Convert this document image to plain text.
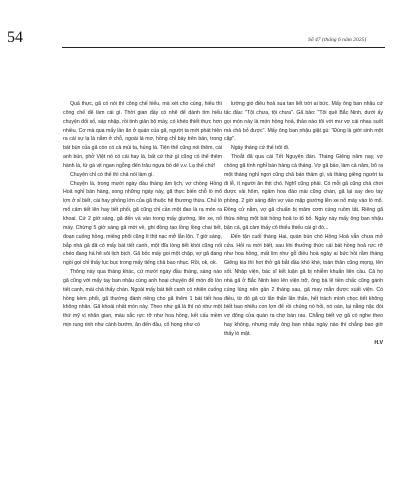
54	Số 47 (tháng 6 năm 2025)

Quả thực, gã có nói thì công chế hiểu, mà xét cho cùng, hiểu thì công chế để làm cái gì. Thời gian đầy có nhẽ để dành tìm hiểu chuyện đối số, sáp nhập, rồi tinh giản bộ máy, có khéo thiết thực hơn nhiều. Cơ mà qua mấy lần ăn ở quán của gã, người ta mới phát hiện ra cái sự lạ là nằm ở chỗ, ngoài lá mơ, hồng chỉ bày trên bàn, trong bát bún của gã còn có cả mùi ta, húng lá. Tiện thể cũng nói thêm, cái anh bún, phở Việt nó có cái hay là, bất cứ thứ gì cũng có thể thêm hành lá, từ gà vịt ngan ngỗng đến trâu ngựa bò dê v.v. Lạ thế chứ!

Chuyện chỉ có thế thì chả nói làm gì.

Chuyện là, trong mười ngày đầu tháng âm lịch, vợ chồng Hồng Hoả nghỉ bán hàng, song những ngày này, gã thực biến chỗ lò mổ lợn ở sỉ biết, cái hay phỏng lớn của gã thuộc hệ thương thừa. Chủ lò mổ cấm tiết lên hay tiết phối, gã cũng chỉ cần một đao là ra món ra khoai. Cứ 2 giờ sáng, gã đến và vào trong mấy giường, lên xe, nổ máy. Chừng 5 giờ sáng gã mới về, ghi đồng tạo lồng lồng chai tiết, đoạn cuống hồng, miếng phổi cũng ít thịt nạc mở lẫn lộn. 7 giờ sáng, bắp nhà gã đã có mấy bát tiết canh, một đĩa lòng tiết khói cũng nối chéo đang hà hê sôi lịch bịch. Gã bốc mấy goi một chập, vợ gã đang ngồi gọi chỉ thấy lục bục trong mấy tiếng chả bao nhục. Rồi, ok, ok.

Thông này qua tháng khác, cứ mười ngày đầu tháng, sáng nào gã cũng với mấy tay ban nhậu cùng anh hoại chuyện để món đồ lòn tiết canh, mài chả thấy chán. Ngoài mấy bát tiết canh có nhiên cuống hồng kèm phổi, gã thường đánh riêng cho gã thêm 1 bát tiết hoa không nhân. Gã khoái nhất món này. Theo như gã là thì nó như một thứ mỹ vị nhân gian, màu sắc rực rỡ như hoa hồng, kết cấu mềm mịn rung rinh như cánh bướm, ăn đến đâu, cổ họng như có

lường gió điều hoà sua tan liết trời ai bức. Mấy ông ban nhậu cứ tấc đầu: "Tội chưa, tội chưa". Gã bảo: "Tôi quê Bắc Ninh, dưới ấy gọi món này là món hồng hoả, thảo nào tôi với mư vợ cái nhau suốt mà chả bỏ được". Mấy ông ban nhậu giật gù: "Đúng là giời sinh một cặp".

Ngày tháng cứ thế trôi đi.

Thoắt đã qua cái Tết Nguyên đán. Tháng Giêng năm nay, vợ chồng gã tính nghỉ bán hàng cả tháng. Vợ gã bảo, làm cả năm, bõ ra một tháng nghỉ ngơi cũng chả bán thám gì, và tháng giêng người ta đi lễ, ít người ăn thịt chó. Nghĩ cũng phải. Có mỗi gã cũng chả chơi được vài hôm, ngâm hoa đào mài cũng chán, gã lại say deo tay phồng. 2 giờ sáng đến vợ vào mặp giường lên xe nổ máy vào lò mổ. Đồng cử nằm, vợ gã chuẩn bị mâm cơm cúng ruồm tất. Riêng gã thừa riêng một bát hồng hoả to tổ bố. Ngày này mấy ông ban nhậu bận cả, gã cảm thấy cô thiếu thiếu cái gì đó...

Đến tận cuối tháng Hai, quán bún chó Hồng Hoả vẫn chưa mở cửa. Hỏi ra mới biết, sau khi thưởng thức cái bát hồng hoả rực rỡ như hoa hồng, mất lim như gỗ điều hoà ngày ai bức hồi rằm tháng Giêng kia thì hơi thở gã bắt đầu khó khè, toàn thân cũng mọng, lên sốt. Nhập viện, bác sĩ kết luận gã bị nhiễm khuẩn liên cầu. Cả họ nhà gã ở Bắc Ninh kéo lên viện trỡ, ông bà lê tiền chấc cũng gánh cúng lúng nên gần 2 tháng sau, gã may mắn được xuất viện. Có điều, từ đó gã cứ lẩn thẩn lẩn thẩn, hết trách mình chọc tiết không biết bao nhiêu con lợn để rồi chúng nó hỏi, nó oán, lại nằng nặc đòi vợ đổng cửa quán ra chợ bán rau. Chẳng biết vợ gã có nghe theo hay không, nhưng mấy ông ban nhậu ngày nào thì chẳng bao giờ thấy lò mặt.

H.V
